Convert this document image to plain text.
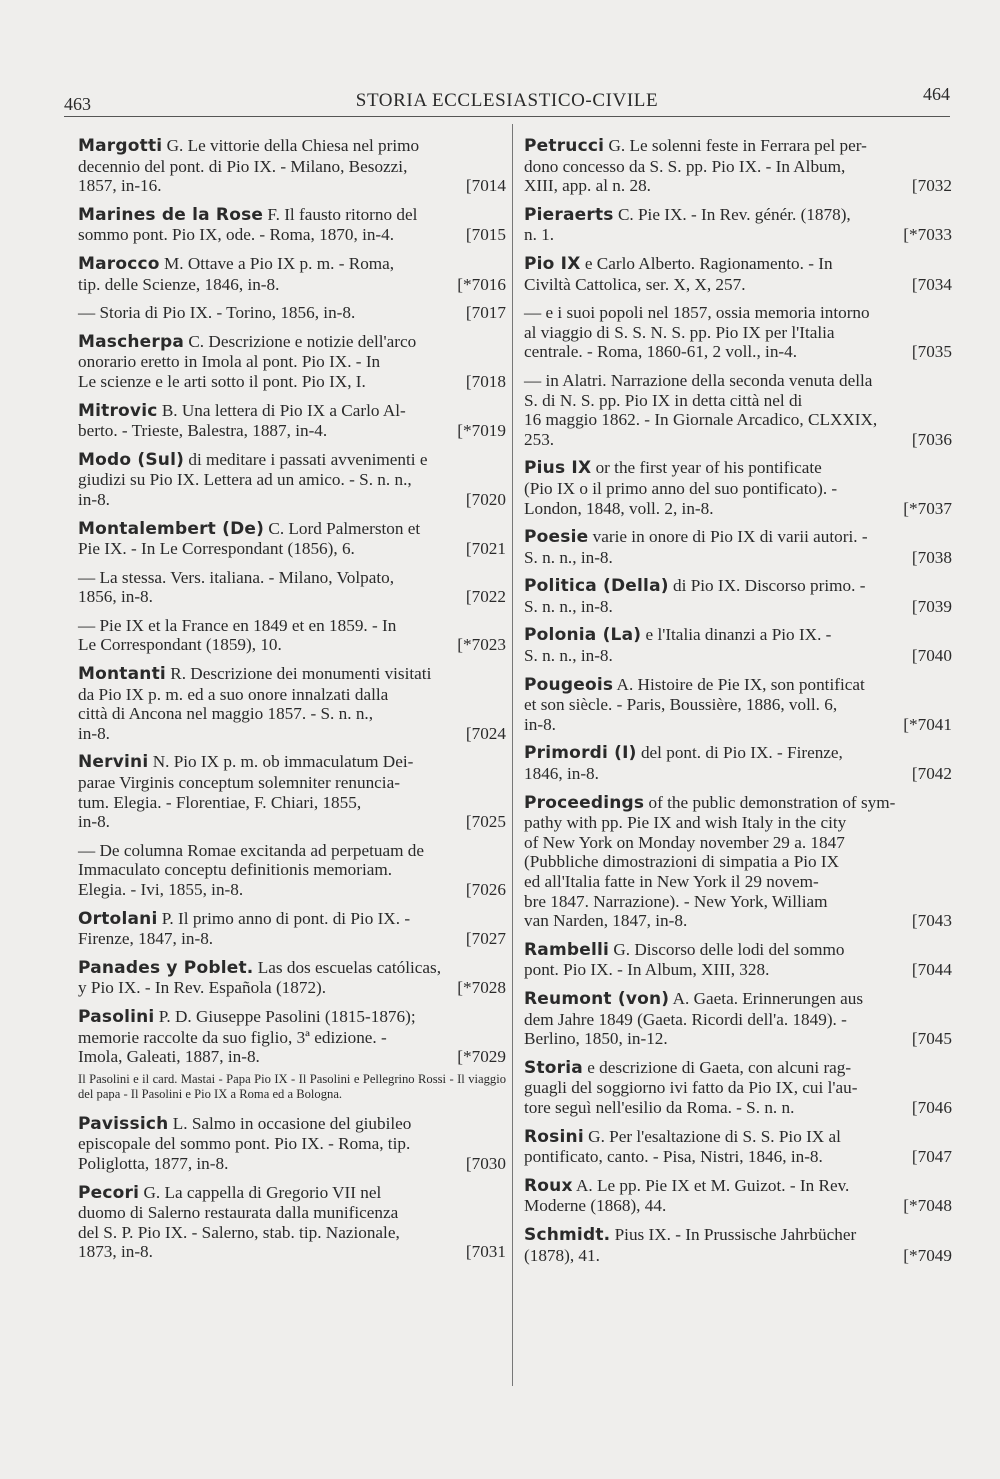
463	STORIA ECCLESIASTICO-CIVILE	464
Margotti G. Le vittorie della Chiesa nel primo
decennio del pont. di Pio IX. - Milano, Besozzi,
1857, in-16.	[7014
Marines de la Rose F. Il fausto ritorno del
sommo pont. Pio IX, ode. - Roma, 1870, in-4.	[7015
Marocco M. Ottave a Pio IX p. m. - Roma,
tip. delle Scienze, 1846, in-8.	[*7016
— Storia di Pio IX. - Torino, 1856, in-8.	[7017
Mascherpa C. Descrizione e notizie dell'arco
onorario eretto in Imola al pont. Pio IX. - In
Le scienze e le arti sotto il pont. Pio IX, I.	[7018
Mitrovic B. Una lettera di Pio IX a Carlo Al-
berto. - Trieste, Balestra, 1887, in-4.	[*7019
Modo (Sul) di meditare i passati avvenimenti e
giudizi su Pio IX. Lettera ad un amico. - S. n. n.,
in-8.	[7020
Montalembert (De) C. Lord Palmerston et
Pie IX. - In Le Correspondant (1856), 6.	[7021
— La stessa. Vers. italiana. - Milano, Volpato,
1856, in-8.	[7022
— Pie IX et la France en 1849 et en 1859. - In
Le Correspondant (1859), 10.	[*7023
Montanti R. Descrizione dei monumenti visitati
da Pio IX p. m. ed a suo onore innalzati dalla
città di Ancona nel maggio 1857. - S. n. n.,
in-8.	[7024
Nervini N. Pio IX p. m. ob immaculatum Dei-
parae Virginis conceptum solemniter renuncia-
tum. Elegia. - Florentiae, F. Chiari, 1855,
in-8.	[7025
— De columna Romae excitanda ad perpetuam de
Immaculato conceptu definitionis memoriam.
Elegia. - Ivi, 1855, in-8.	[7026
Ortolani P. Il primo anno di pont. di Pio IX. -
Firenze, 1847, in-8.	[7027
Panades y Poblet. Las dos escuelas católicas,
y Pio IX. - In Rev. Española (1872).	[*7028
Pasolini P. D. Giuseppe Pasolini (1815-1876);
memorie raccolte da suo figlio, 3ª edizione. -
Imola, Galeati, 1887, in-8.	[*7029
Il Pasolini e il card. Mastai - Papa Pio IX - Il Pasolini e Pellegrino Rossi - Il viaggio del papa - Il Pasolini e Pio IX a Roma ed a Bologna.
Pavissich L. Salmo in occasione del giubileo
episcopale del sommo pont. Pio IX. - Roma, tip.
Poliglotta, 1877, in-8.	[7030
Pecori G. La cappella di Gregorio VII nel
duomo di Salerno restaurata dalla munificenza
del S. P. Pio IX. - Salerno, stab. tip. Nazionale,
1873, in-8.	[7031
Petrucci G. Le solenni feste in Ferrara pel per-
dono concesso da S. S. pp. Pio IX. - In Album,
XIII, app. al n. 28.	[7032
Pieraerts C. Pie IX. - In Rev. génér. (1878),
n. 1.	[*7033
Pio IX e Carlo Alberto. Ragionamento. - In
Civiltà Cattolica, ser. X, X, 257.	[7034
— e i suoi popoli nel 1857, ossia memoria intorno
al viaggio di S. S. N. S. pp. Pio IX per l'Italia
centrale. - Roma, 1860-61, 2 voll., in-4.	[7035
— in Alatri. Narrazione della seconda venuta della
S. di N. S. pp. Pio IX in detta città nel di
16 maggio 1862. - In Giornale Arcadico, CLXXIX,
253.	[7036
Pius IX or the first year of his pontificate
(Pio IX o il primo anno del suo pontificato). -
London, 1848, voll. 2, in-8.	[*7037
Poesie varie in onore di Pio IX di varii autori. -
S. n. n., in-8.	[7038
Politica (Della) di Pio IX. Discorso primo. -
S. n. n., in-8.	[7039
Polonia (La) e l'Italia dinanzi a Pio IX. -
S. n. n., in-8.	[7040
Pougeois A. Histoire de Pie IX, son pontificat
et son siècle. - Paris, Boussière, 1886, voll. 6,
in-8.	[*7041
Primordi (I) del pont. di Pio IX. - Firenze,
1846, in-8.	[7042
Proceedings of the public demonstration of sym-
pathy with pp. Pie IX and wish Italy in the city
of New York on Monday november 29 a. 1847
(Pubbliche dimostrazioni di simpatia a Pio IX
ed all'Italia fatte in New York il 29 novem-
bre 1847. Narrazione). - New York, William
van Narden, 1847, in-8.	[7043
Rambelli G. Discorso delle lodi del sommo
pont. Pio IX. - In Album, XIII, 328.	[7044
Reumont (von) A. Gaeta. Erinnerungen aus
dem Jahre 1849 (Gaeta. Ricordi dell'a. 1849). -
Berlino, 1850, in-12.	[7045
Storia e descrizione di Gaeta, con alcuni rag-
guagli del soggiorno ivi fatto da Pio IX, cui l'au-
tore seguì nell'esilio da Roma. - S. n. n.	[7046
Rosini G. Per l'esaltazione di S. S. Pio IX al
pontificato, canto. - Pisa, Nistri, 1846, in-8.	[7047
Roux A. Le pp. Pie IX et M. Guizot. - In Rev.
Moderne (1868), 44.	[*7048
Schmidt. Pius IX. - In Prussische Jahrbücher
(1878), 41.	[*7049
